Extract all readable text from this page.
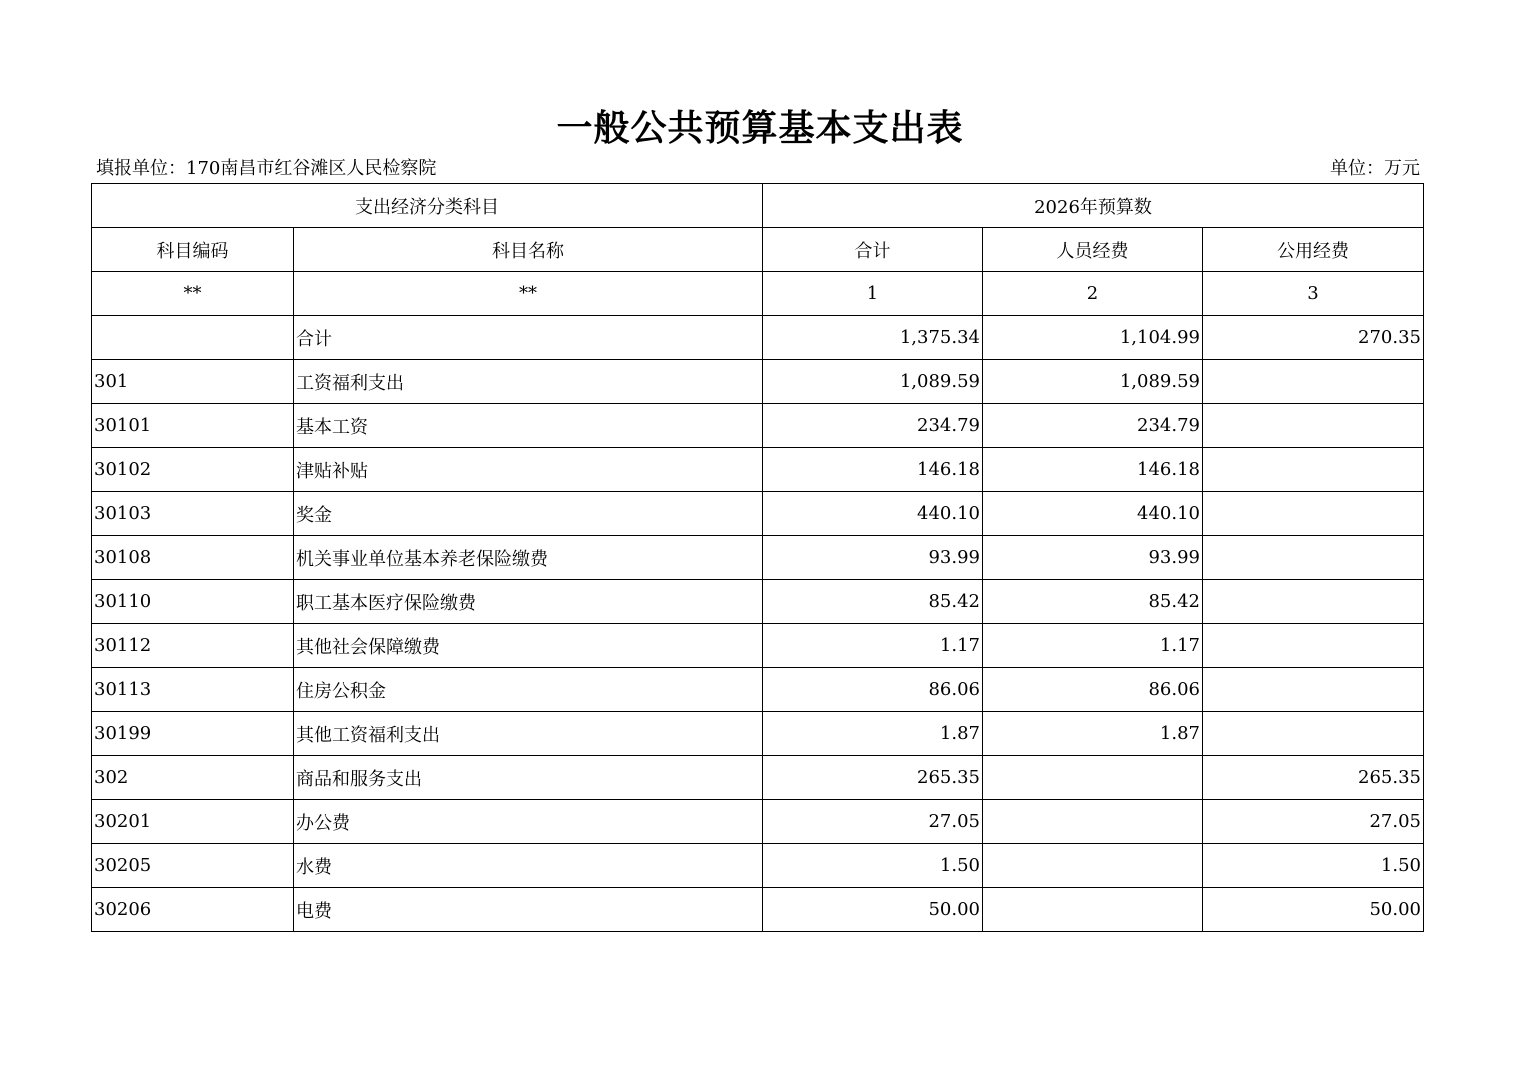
一般公共预算基本支出表
填报单位：170南昌市红谷滩区人民检察院	单位：万元
支出经济分类科目		2026年预算数		
科目编码	科目名称	合计	人员经费	公用经费
**	**	1	2	3
	合计	1,375.34	1,104.99	270.35
301	工资福利支出	1,089.59	1,089.59	
30101	基本工资	234.79	234.79	
30102	津贴补贴	146.18	146.18	
30103	奖金	440.10	440.10	
30108	机关事业单位基本养老保险缴费	93.99	93.99	
30110	职工基本医疗保险缴费	85.42	85.42	
30112	其他社会保障缴费	1.17	1.17	
30113	住房公积金	86.06	86.06	
30199	其他工资福利支出	1.87	1.87	
302	商品和服务支出	265.35		265.35
30201	办公费	27.05		27.05
30205	水费	1.50		1.50
30206	电费	50.00		50.00
